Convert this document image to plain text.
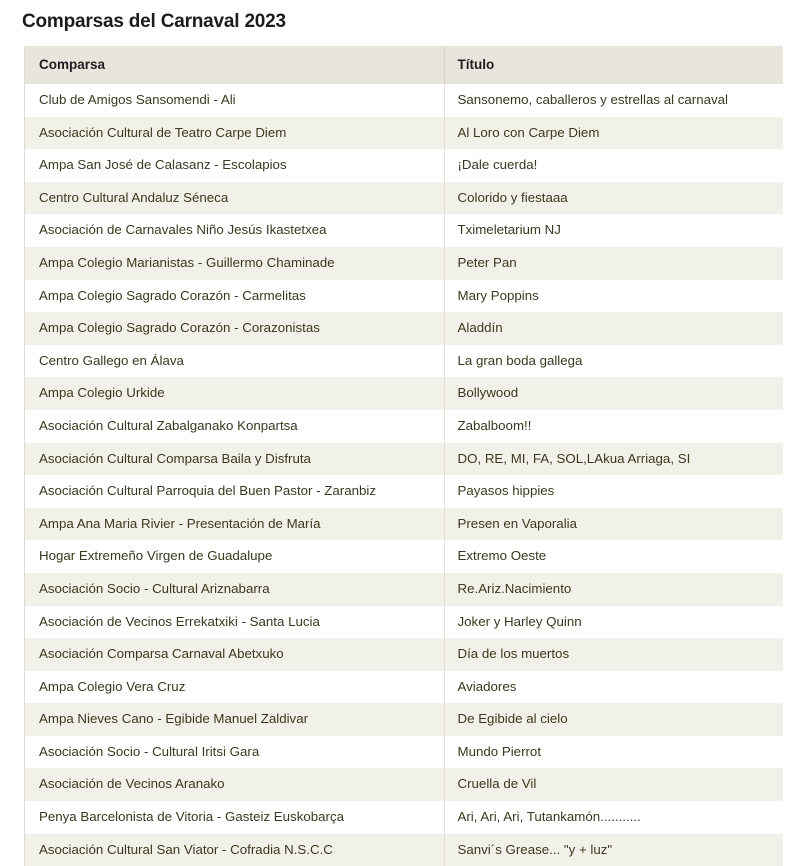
Comparsas del Carnaval 2023
Comparsa	Título
Club de Amigos Sansomendi - Ali	Sansonemo, caballeros y estrellas al carnaval
Asociación Cultural de Teatro Carpe Diem	Al Loro con Carpe Diem
Ampa San José de Calasanz - Escolapios	¡Dale cuerda!
Centro Cultural Andaluz Séneca	Colorido y fiestaaa
Asociación de Carnavales Niño Jesús Ikastetxea	Tximeletarium NJ
Ampa Colegio Marianistas - Guillermo Chaminade	Peter Pan
Ampa Colegio Sagrado Corazón - Carmelitas	Mary Poppins
Ampa Colegio Sagrado Corazón - Corazonistas	Aladdín
Centro Gallego en Álava	La gran boda gallega
Ampa Colegio Urkide	Bollywood
Asociación Cultural Zabalganako Konpartsa	Zabalboom!!
Asociación Cultural Comparsa Baila y Disfruta	DO, RE, MI, FA, SOL,LAkua Arriaga, SI
Asociación Cultural Parroquia del Buen Pastor - Zaranbiz	Payasos hippies
Ampa Ana Maria Rivier - Presentación de María	Presen en Vaporalia
Hogar Extremeño Virgen de Guadalupe	Extremo Oeste
Asociación Socio - Cultural Ariznabarra	Re.Ariz.Nacimiento
Asociación de Vecinos Errekatxiki - Santa Lucia	Joker y Harley Quinn
Asociación Comparsa Carnaval Abetxuko	Día de los muertos
Ampa Colegio Vera Cruz	Aviadores
Ampa Nieves Cano - Egibide Manuel Zaldivar	De Egibide al cielo
Asociación Socio - Cultural Iritsi Gara	Mundo Pierrot
Asociación de Vecinos Aranako	Cruella de Vil
Penya Barcelonista de Vitoria - Gasteiz Euskobarça	Ari, Ari, Ari, Tutankamón...........
Asociación Cultural San Viator - Cofradia N.S.C.C	Sanvi´s Grease... "y + luz"
